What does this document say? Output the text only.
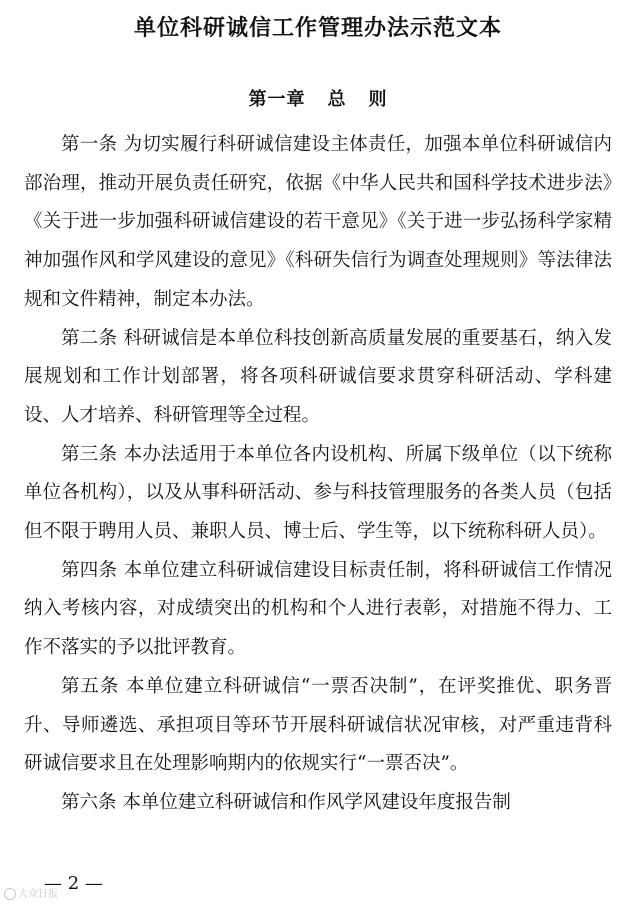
单位科研诚信工作管理办法示范文本
第一章 总 则

第一条 为切实履行科研诚信建设主体责任，加强本单位科研诚信内部治理，推动开展负责任研究，依据《中华人民共和国科学技术进步法》《关于进一步加强科研诚信建设的若干意见》《关于进一步弘扬科学家精神加强作风和学风建设的意见》《科研失信行为调查处理规则》等法律法规和文件精神，制定本办法。

第二条 科研诚信是本单位科技创新高质量发展的重要基石，纳入发展规划和工作计划部署，将各项科研诚信要求贯穿科研活动、学科建设、人才培养、科研管理等全过程。

第三条 本办法适用于本单位各内设机构、所属下级单位（以下统称单位各机构），以及从事科研活动、参与科技管理服务的各类人员（包括但不限于聘用人员、兼职人员、博士后、学生等，以下统称科研人员）。

第四条 本单位建立科研诚信建设目标责任制，将科研诚信工作情况纳入考核内容，对成绩突出的机构和个人进行表彰，对措施不得力、工作不落实的予以批评教育。

第五条 本单位建立科研诚信“一票否决制”，在评奖推优、职务晋升、导师遴选、承担项目等环节开展科研诚信状况审核，对严重违背科研诚信要求且在处理影响期内的依规实行“一票否决”。

第六条 本单位建立科研诚信和作风学风建设年度报告制

— 2 —
大众日报
